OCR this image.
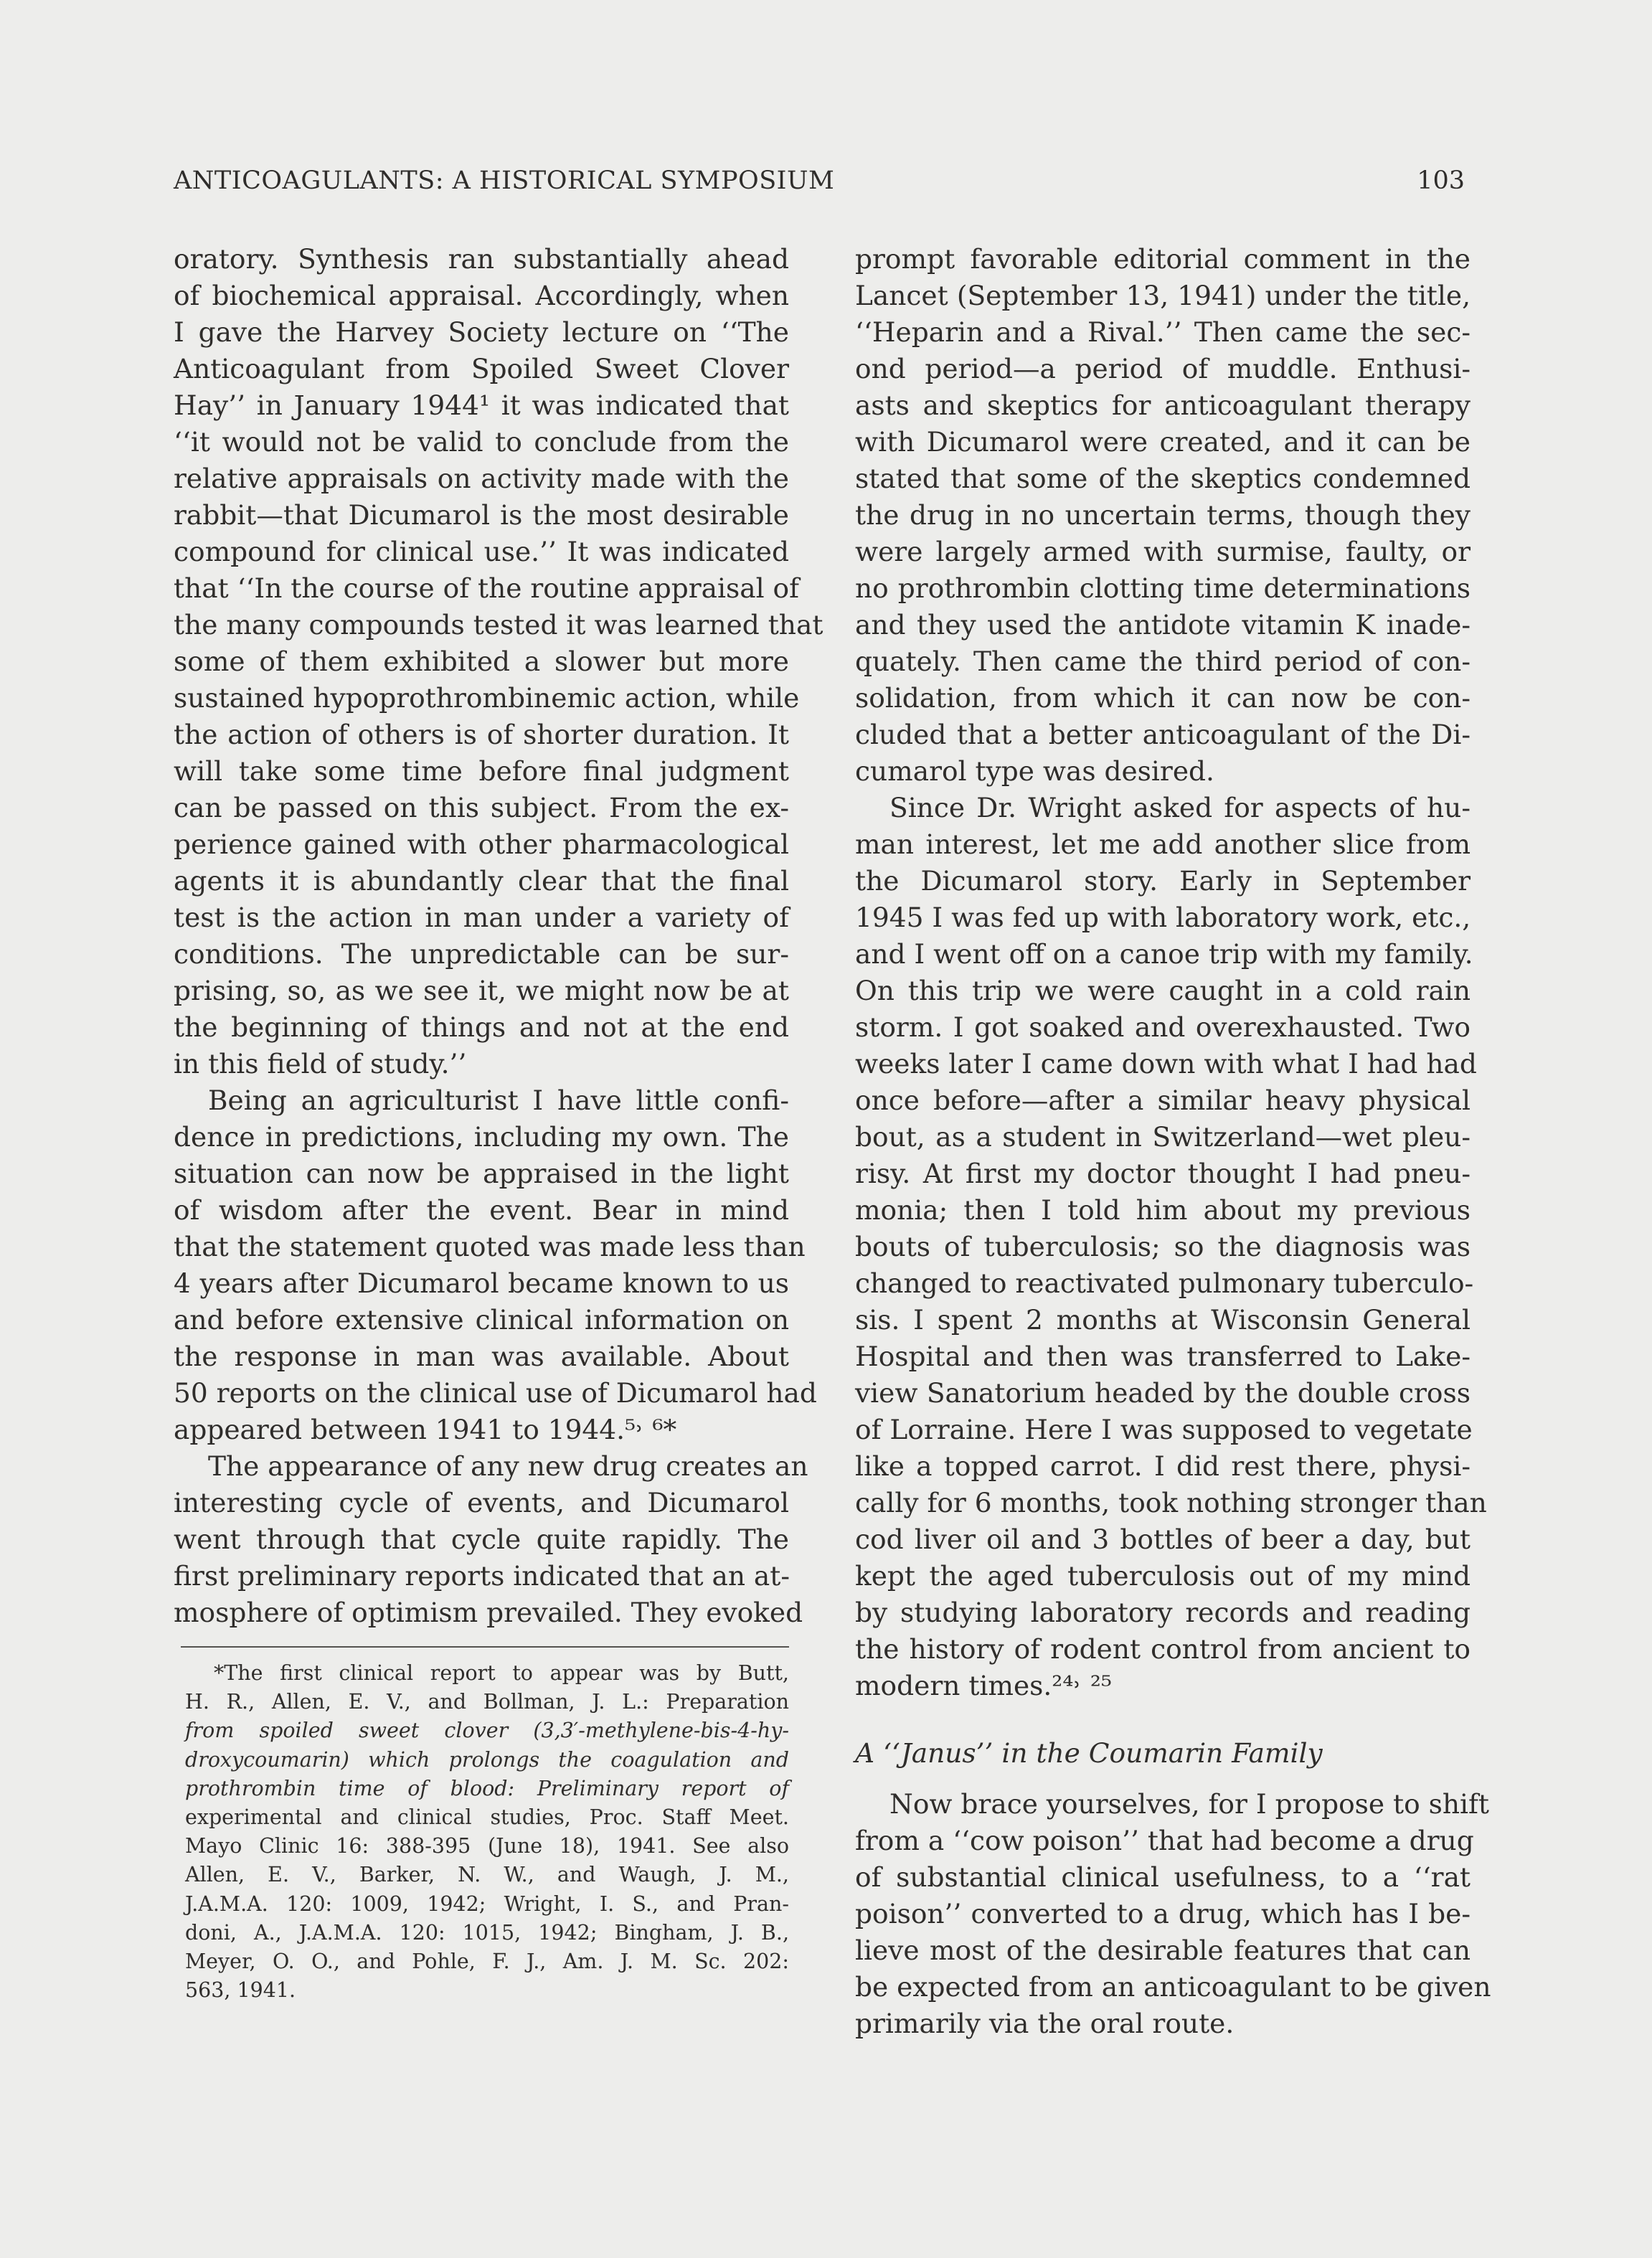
ANTICOAGULANTS: A HISTORICAL SYMPOSIUM	103
oratory. Synthesis ran substantially ahead
of biochemical appraisal. Accordingly, when
I gave the Harvey Society lecture on ‘‘The
Anticoagulant from Spoiled Sweet Clover
Hay’’ in January 1944¹ it was indicated that
‘‘it would not be valid to conclude from the
relative appraisals on activity made with the
rabbit—that Dicumarol is the most desirable
compound for clinical use.’’ It was indicated
that ‘‘In the course of the routine appraisal of
the many compounds tested it was learned that
some of them exhibited a slower but more
sustained hypoprothrombinemic action, while
the action of others is of shorter duration. It
will take some time before final judgment
can be passed on this subject. From the ex-
perience gained with other pharmacological
agents it is abundantly clear that the final
test is the action in man under a variety of
conditions. The unpredictable can be sur-
prising, so, as we see it, we might now be at
the beginning of things and not at the end
in this field of study.’’
Being an agriculturist I have little confi-
dence in predictions, including my own. The
situation can now be appraised in the light
of wisdom after the event. Bear in mind
that the statement quoted was made less than
4 years after Dicumarol became known to us
and before extensive clinical information on
the response in man was available. About
50 reports on the clinical use of Dicumarol had
appeared between 1941 to 1944.⁵˒ ⁶*
The appearance of any new drug creates an
interesting cycle of events, and Dicumarol
went through that cycle quite rapidly. The
first preliminary reports indicated that an at-
mosphere of optimism prevailed. They evoked
*The first clinical report to appear was by Butt,
H. R., Allen, E. V., and Bollman, J. L.: Preparation
from spoiled sweet clover (3,3′-methylene-bis-4-hy-
droxycoumarin) which prolongs the coagulation and
prothrombin time of blood: Preliminary report of
experimental and clinical studies, Proc. Staff Meet.
Mayo Clinic 16: 388-395 (June 18), 1941. See also
Allen, E. V., Barker, N. W., and Waugh, J. M.,
J.A.M.A. 120: 1009, 1942; Wright, I. S., and Pran-
doni, A., J.A.M.A. 120: 1015, 1942; Bingham, J. B.,
Meyer, O. O., and Pohle, F. J., Am. J. M. Sc. 202:
563, 1941.
prompt favorable editorial comment in the
Lancet (September 13, 1941) under the title,
‘‘Heparin and a Rival.’’ Then came the sec-
ond period—a period of muddle. Enthusi-
asts and skeptics for anticoagulant therapy
with Dicumarol were created, and it can be
stated that some of the skeptics condemned
the drug in no uncertain terms, though they
were largely armed with surmise, faulty, or
no prothrombin clotting time determinations
and they used the antidote vitamin K inade-
quately. Then came the third period of con-
solidation, from which it can now be con-
cluded that a better anticoagulant of the Di-
cumarol type was desired.
Since Dr. Wright asked for aspects of hu-
man interest, let me add another slice from
the Dicumarol story. Early in September
1945 I was fed up with laboratory work, etc.,
and I went off on a canoe trip with my family.
On this trip we were caught in a cold rain
storm. I got soaked and overexhausted. Two
weeks later I came down with what I had had
once before—after a similar heavy physical
bout, as a student in Switzerland—wet pleu-
risy. At first my doctor thought I had pneu-
monia; then I told him about my previous
bouts of tuberculosis; so the diagnosis was
changed to reactivated pulmonary tuberculo-
sis. I spent 2 months at Wisconsin General
Hospital and then was transferred to Lake-
view Sanatorium headed by the double cross
of Lorraine. Here I was supposed to vegetate
like a topped carrot. I did rest there, physi-
cally for 6 months, took nothing stronger than
cod liver oil and 3 bottles of beer a day, but
kept the aged tuberculosis out of my mind
by studying laboratory records and reading
the history of rodent control from ancient to
modern times.²⁴˒ ²⁵
A ‘‘Janus’’ in the Coumarin Family
Now brace yourselves, for I propose to shift
from a ‘‘cow poison’’ that had become a drug
of substantial clinical usefulness, to a ‘‘rat
poison’’ converted to a drug, which has I be-
lieve most of the desirable features that can
be expected from an anticoagulant to be given
primarily via the oral route.
